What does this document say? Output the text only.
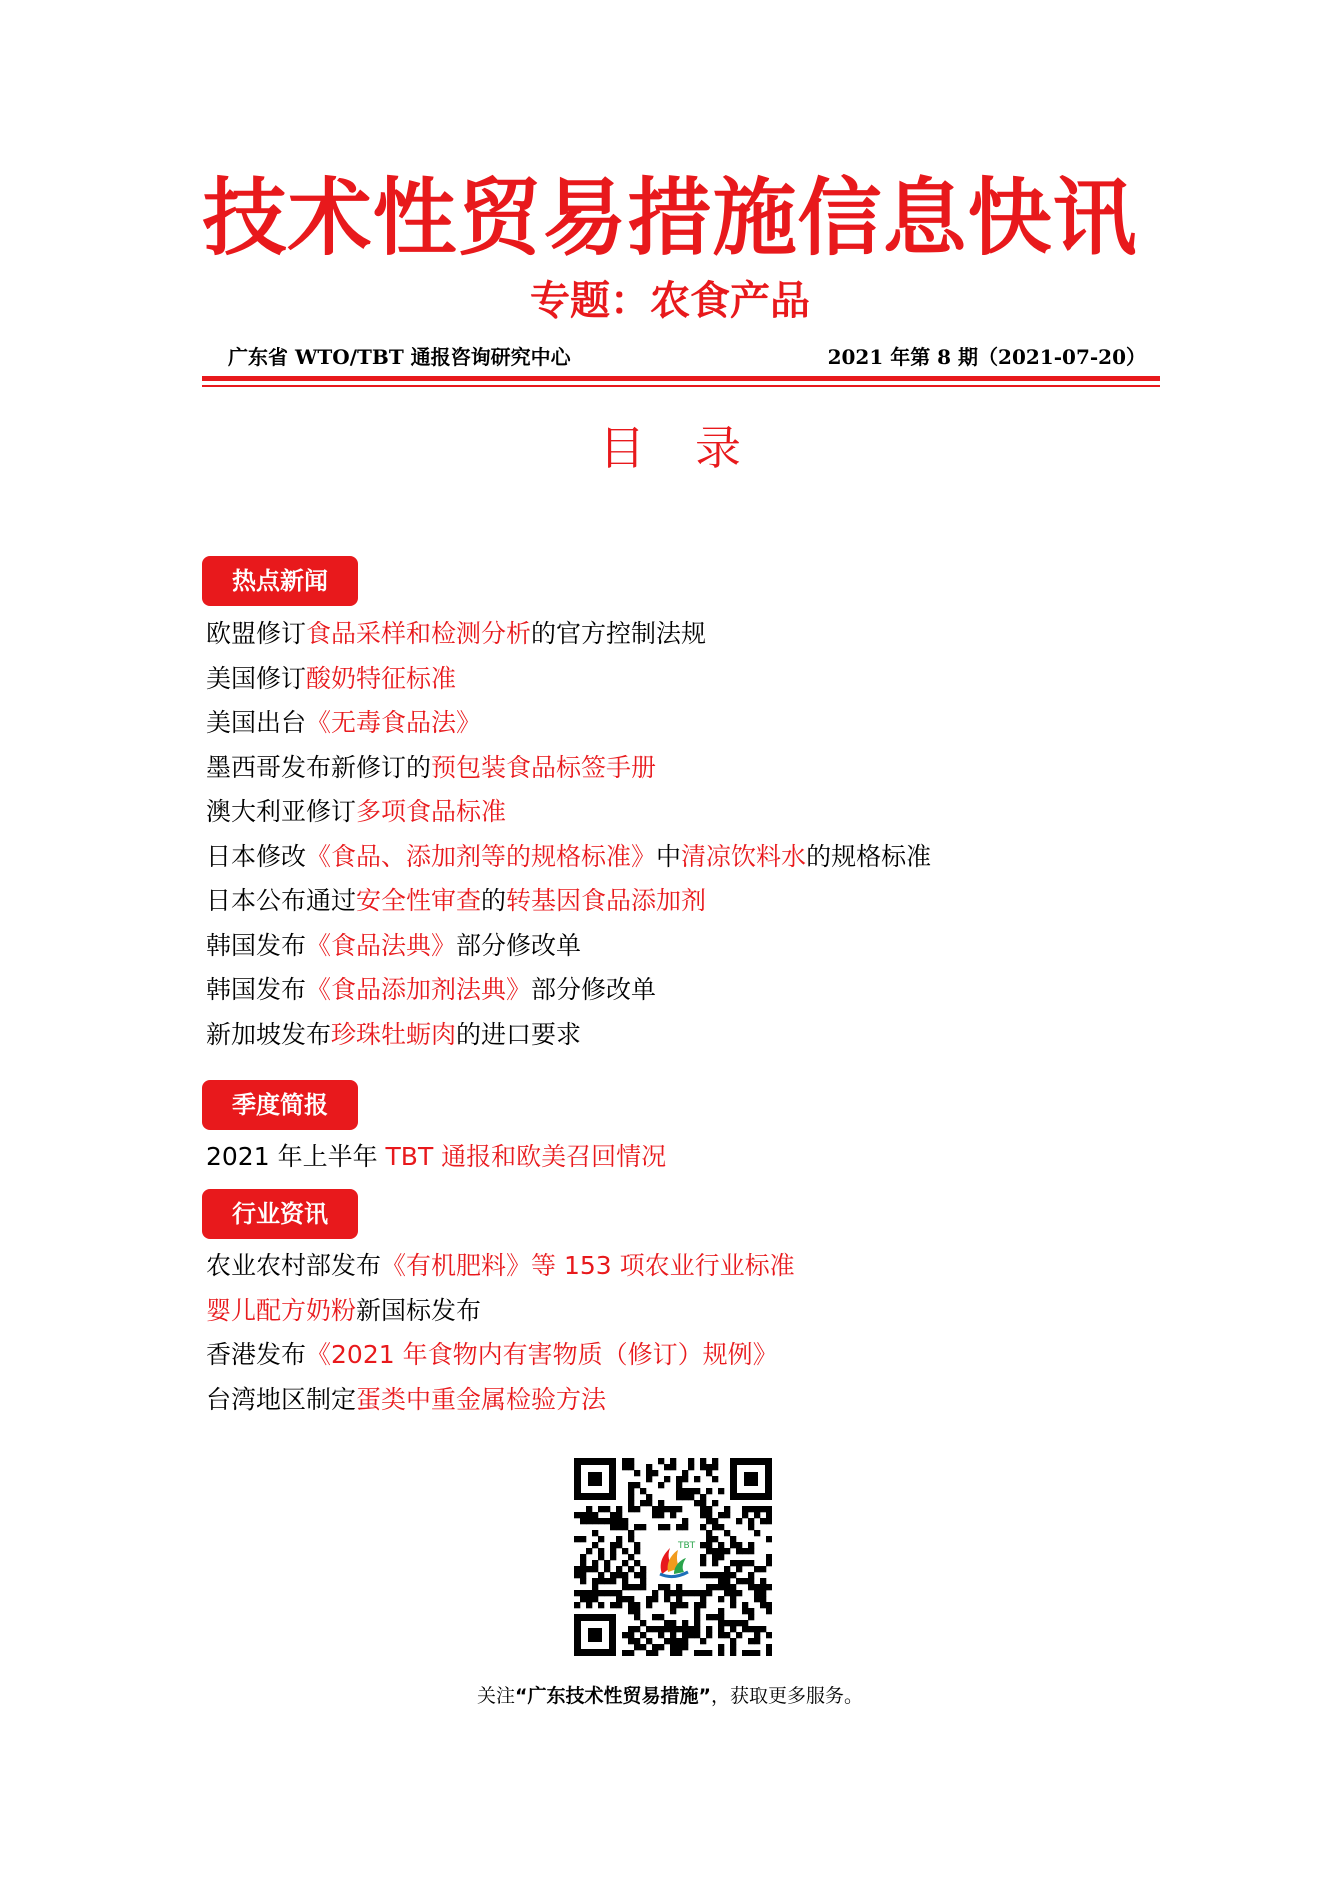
技术性贸易措施信息快讯
专题：农食产品
广东省 WTO/TBT 通报咨询研究中心	2021 年第 8 期（2021-07-20）
目录
热点新闻
欧盟修订食品采样和检测分析的官方控制法规
美国修订酸奶特征标准
美国出台《无毒食品法》
墨西哥发布新修订的预包装食品标签手册
澳大利亚修订多项食品标准
日本修改《食品、添加剂等的规格标准》中清凉饮料水的规格标准
日本公布通过安全性审查的转基因食品添加剂
韩国发布《食品法典》部分修改单
韩国发布《食品添加剂法典》部分修改单
新加坡发布珍珠牡蛎肉的进口要求
季度简报
2021 年上半年 TBT 通报和欧美召回情况
行业资讯
农业农村部发布《有机肥料》等 153 项农业行业标准
婴儿配方奶粉新国标发布
香港发布《2021 年食物内有害物质（修订）规例》
台湾地区制定蛋类中重金属检验方法
TBT
关注“广东技术性贸易措施”，获取更多服务。
